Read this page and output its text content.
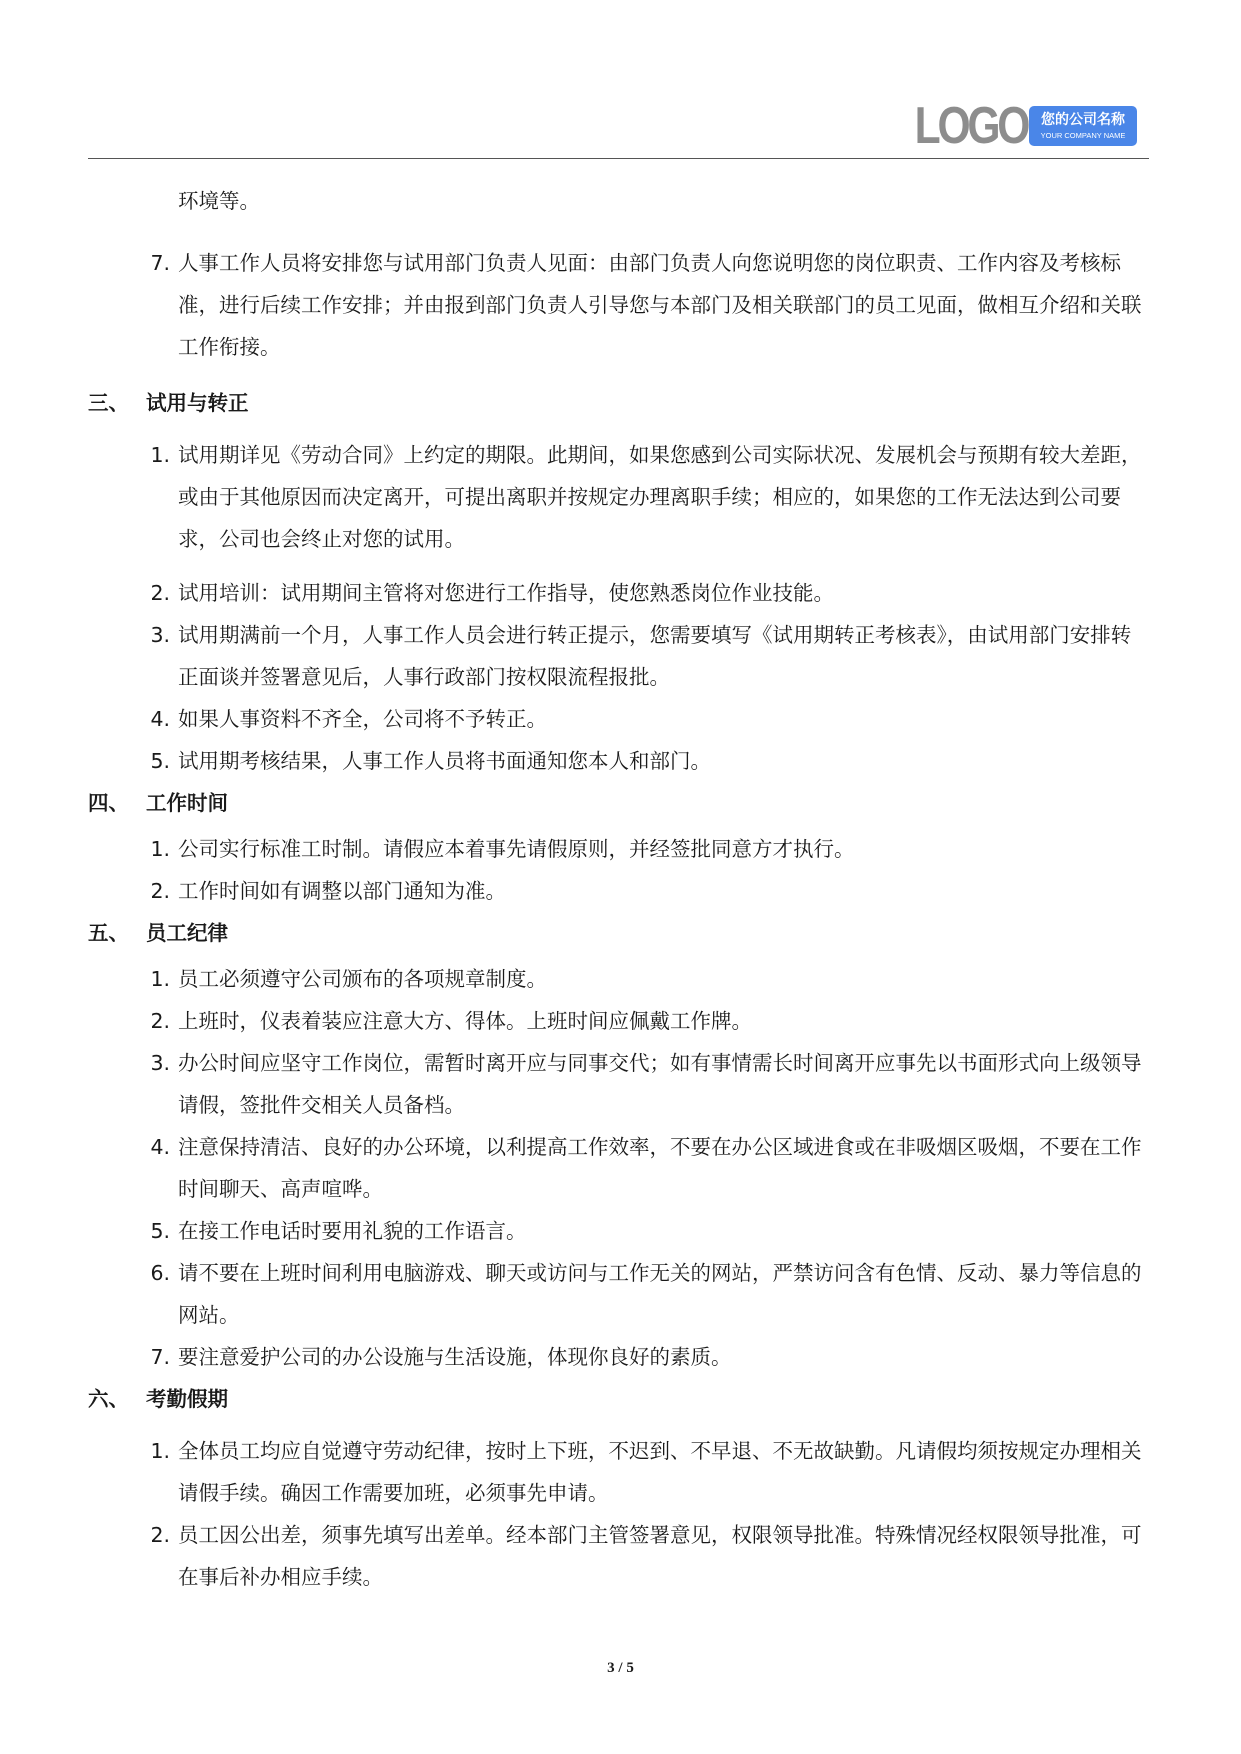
LOGO 您的公司名称
YOUR COMPANY NAME
环境等。
7. 人事工作人员将安排您与试用部门负责人见面：由部门负责人向您说明您的岗位职责、工作内容及考核标准，进行后续工作安排；并由报到部门负责人引导您与本部门及相关联部门的员工见面，做相互介绍和关联工作衔接。
三、 试用与转正
1. 试用期详见《劳动合同》上约定的期限。此期间，如果您感到公司实际状况、发展机会与预期有较大差距，或由于其他原因而决定离开，可提出离职并按规定办理离职手续；相应的，如果您的工作无法达到公司要求，公司也会终止对您的试用。
2. 试用培训：试用期间主管将对您进行工作指导，使您熟悉岗位作业技能。
3. 试用期满前一个月，人事工作人员会进行转正提示，您需要填写《试用期转正考核表》，由试用部门安排转正面谈并签署意见后，人事行政部门按权限流程报批。
4. 如果人事资料不齐全，公司将不予转正。
5. 试用期考核结果，人事工作人员将书面通知您本人和部门。
四、 工作时间
1. 公司实行标准工时制。请假应本着事先请假原则，并经签批同意方才执行。
2. 工作时间如有调整以部门通知为准。
五、 员工纪律
1. 员工必须遵守公司颁布的各项规章制度。
2. 上班时，仪表着装应注意大方、得体。上班时间应佩戴工作牌。
3. 办公时间应坚守工作岗位，需暂时离开应与同事交代；如有事情需长时间离开应事先以书面形式向上级领导请假，签批件交相关人员备档。
4. 注意保持清洁、良好的办公环境，以利提高工作效率，不要在办公区域进食或在非吸烟区吸烟，不要在工作时间聊天、高声喧哗。
5. 在接工作电话时要用礼貌的工作语言。
6. 请不要在上班时间利用电脑游戏、聊天或访问与工作无关的网站，严禁访问含有色情、反动、暴力等信息的网站。
7. 要注意爱护公司的办公设施与生活设施，体现你良好的素质。
六、 考勤假期
1. 全体员工均应自觉遵守劳动纪律，按时上下班，不迟到、不早退、不无故缺勤。凡请假均须按规定办理相关请假手续。确因工作需要加班，必须事先申请。
2. 员工因公出差，须事先填写出差单。经本部门主管签署意见，权限领导批准。特殊情况经权限领导批准，可在事后补办相应手续。
3 / 5
